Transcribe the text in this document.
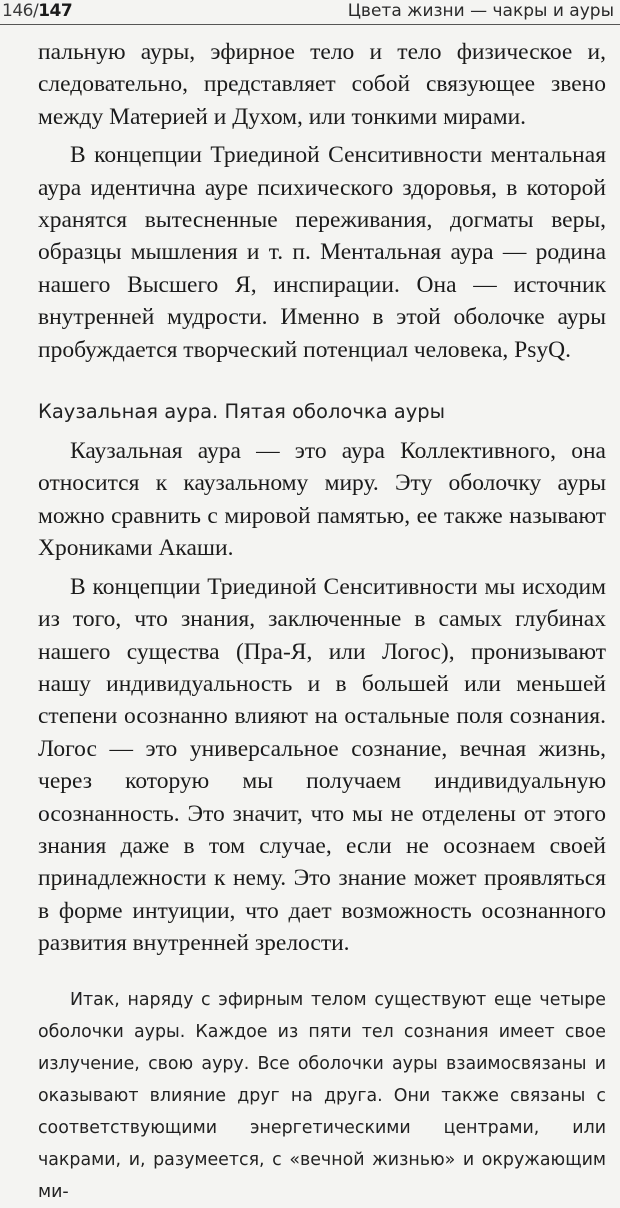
146/147	Цвета жизни — чакры и ауры

пальную ауры, эфирное тело и тело физическое и, следовательно, представляет собой связующее звено между Материей и Духом, или тонкими мирами.

В концепции Триединой Сенситивности ментальная аура идентична ауре психического здоровья, в которой хранятся вытесненные переживания, догматы веры, образцы мышления и т. п. Ментальная аура — родина нашего Высшего Я, инспирации. Она — источник внутренней мудрости. Именно в этой оболочке ауры пробуждается творческий потенциал человека, PsyQ.

Каузальная аура. Пятая оболочка ауры

Каузальная аура — это аура Коллективного, она относится к каузальному миру. Эту оболочку ауры можно сравнить с мировой памятью, ее также называют Хрониками Акаши.

В концепции Триединой Сенситивности мы исходим из того, что знания, заключенные в самых глубинах нашего существа (Пра-Я, или Логос), пронизывают нашу индивидуальность и в большей или меньшей степени осознанно влияют на остальные поля сознания. Логос — это универсальное сознание, вечная жизнь, через которую мы получаем индивидуальную осознанность. Это значит, что мы не отделены от этого знания даже в том случае, если не осознаем своей принадлежности к нему. Это знание может проявляться в форме интуиции, что дает возможность осознанного развития внутренней зрелости.

Итак, наряду с эфирным телом существуют еще четыре оболочки ауры. Каждое из пяти тел сознания имеет свое излучение, свою ауру. Все оболочки ауры взаимосвязаны и оказывают влияние друг на друга. Они также связаны с соответствующими энергетическими центрами, или чакрами, и, разумеется, с «вечной жизнью» и окружающим ми-
